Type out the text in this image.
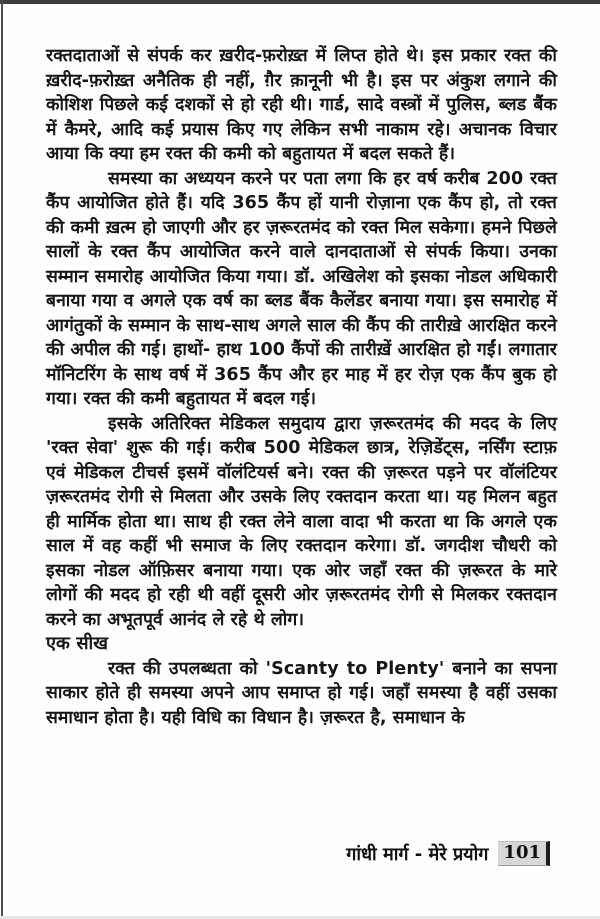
रक्तदाताओं से संपर्क कर ख़रीद-फ़रोख़्त में लिप्त होते थे। इस प्रकार रक्त की ख़रीद-फ़रोख़्त अनैतिक ही नहीं, ग़ैर क़ानूनी भी है। इस पर अंकुश लगाने की कोशिश पिछले कई दशकों से हो रही थी। गार्ड, सादे वस्त्रों में पुलिस, ब्लड बैंक में कैमरे, आदि कई प्रयास किए गए लेकिन सभी नाकाम रहे। अचानक विचार आया कि क्या हम रक्त की कमी को बहुतायत में बदल सकते हैं।

समस्या का अध्ययन करने पर पता लगा कि हर वर्ष करीब 200 रक्त कैंप आयोजित होते हैं। यदि 365 कैंप हों यानी रोज़ाना एक कैंप हो, तो रक्त की कमी ख़त्म हो जाएगी और हर ज़रूरतमंद को रक्त मिल सकेगा। हमने पिछले सालों के रक्त कैंप आयोजित करने वाले दानदाताओं से संपर्क किया। उनका सम्मान समारोह आयोजित किया गया। डॉ. अखिलेश को इसका नोडल अधिकारी बनाया गया व अगले एक वर्ष का ब्लड बैंक कैलेंडर बनाया गया। इस समारोह में आगंतुकों के सम्मान के साथ-साथ अगले साल की कैंप की तारीख़े आरक्षित करने की अपील की गई। हाथों- हाथ 100 कैंपों की तारीख़ें आरक्षित हो गईं। लगातार मॉनिटरिंग के साथ वर्ष में 365 कैंप और हर माह में हर रोज़ एक कैंप बुक हो गया। रक्त की कमी बहुतायत में बदल गई।

इसके अतिरिक्त मेडिकल समुदाय द्वारा ज़रूरतमंद की मदद के लिए 'रक्त सेवा' शुरू की गई। करीब 500 मेडिकल छात्र, रेज़िडेंट्स, नर्सिंग स्टाफ़ एवं मेडिकल टीचर्स इसमें वॉलंटियर्स बने। रक्त की ज़रूरत पड़ने पर वॉलंटियर ज़रूरतमंद रोगी से मिलता और उसके लिए रक्तदान करता था। यह मिलन बहुत ही मार्मिक होता था। साथ ही रक्त लेने वाला वादा भी करता था कि अगले एक साल में वह कहीं भी समाज के लिए रक्तदान करेगा। डॉ. जगदीश चौधरी को इसका नोडल ऑफ़िसर बनाया गया। एक ओर जहाँ रक्त की ज़रूरत के मारे लोगों की मदद हो रही थी वहीं दूसरी ओर ज़रूरतमंद रोगी से मिलकर रक्तदान करने का अभूतपूर्व आनंद ले रहे थे लोग।

एक सीख

रक्त की उपलब्धता को 'Scanty to Plenty' बनाने का सपना साकार होते ही समस्या अपने आप समाप्त हो गई। जहाँ समस्या है वहीं उसका समाधान होता है। यही विधि का विधान है। ज़रूरत है, समाधान के

गांधी मार्ग - मेरे प्रयोग 101
